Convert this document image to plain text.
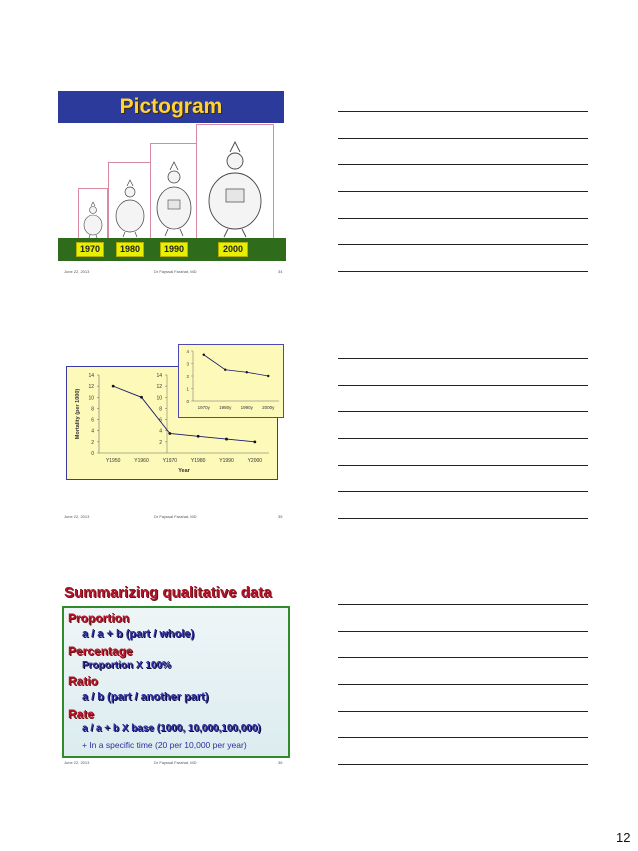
Pictogram
1970	1980	1990	2000
June 22, 2013	Dr Fayssal Farahat, MD	34
0
2
4
6
8
10
12
14
2
4
6
8
10
12
14
Y1950	Y1960	Y1970	Y1980	Y1990	Y2000
Year
Mortality (per 1000)	0
1
2
3
4
1970y 1980y 1990y 2000y
June 22, 2013	Dr Fayssal Farahat, MD	35
Summarizing qualitative data
Proportion
a / a + b (part / whole)
Percentage
Proportion X 100%
Ratio
a / b (part / another part)
Rate
a / a + b X base (1000, 10,000,100,000)
+ In a specific time (20 per 10,000 per year)
June 22, 2013	Dr Fayssal Farahat, MD	36
12
